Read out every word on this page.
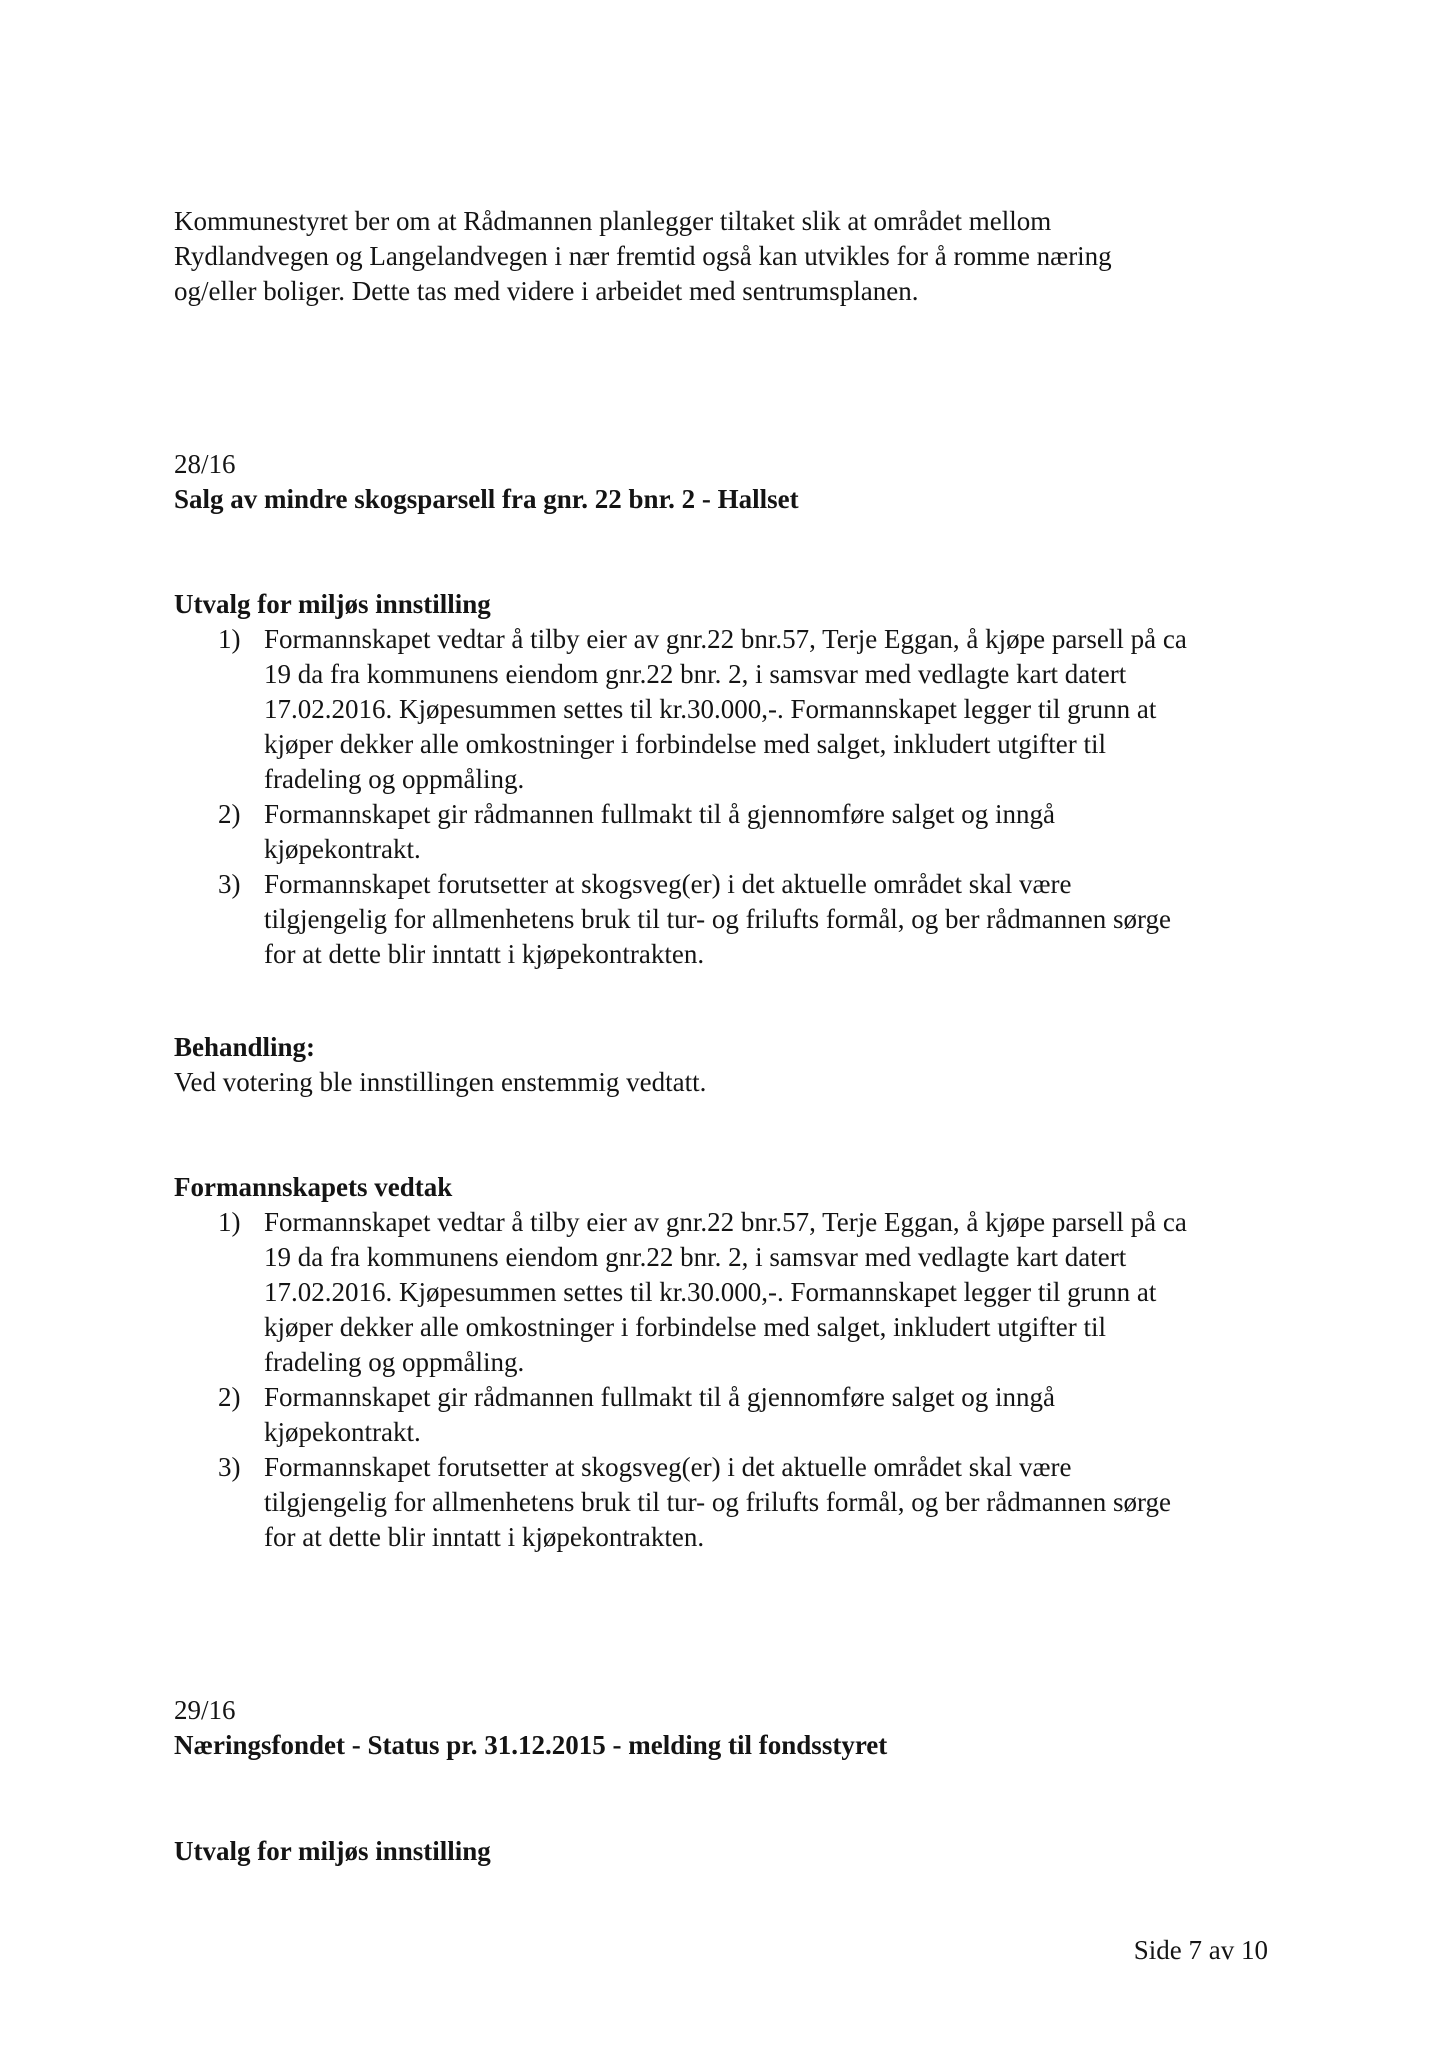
Kommunestyret ber om at Rådmannen planlegger tiltaket slik at området mellom
Rydlandvegen og Langelandvegen i nær fremtid også kan utvikles for å romme næring
og/eller boliger. Dette tas med videre i arbeidet med sentrumsplanen.
28/16
Salg av mindre skogsparsell fra gnr. 22 bnr. 2 - Hallset
Utvalg for miljøs innstilling
1) Formannskapet vedtar å tilby eier av gnr.22 bnr.57, Terje Eggan, å kjøpe parsell på ca
19 da fra kommunens eiendom gnr.22 bnr. 2, i samsvar med vedlagte kart datert
17.02.2016. Kjøpesummen settes til kr.30.000,-. Formannskapet legger til grunn at
kjøper dekker alle omkostninger i forbindelse med salget, inkludert utgifter til
fradeling og oppmåling.
2) Formannskapet gir rådmannen fullmakt til å gjennomføre salget og inngå
kjøpekontrakt.
3) Formannskapet forutsetter at skogsveg(er) i det aktuelle området skal være
tilgjengelig for allmenhetens bruk til tur- og frilufts formål, og ber rådmannen sørge
for at dette blir inntatt i kjøpekontrakten.
Behandling:
Ved votering ble innstillingen enstemmig vedtatt.
Formannskapets vedtak
1) Formannskapet vedtar å tilby eier av gnr.22 bnr.57, Terje Eggan, å kjøpe parsell på ca
19 da fra kommunens eiendom gnr.22 bnr. 2, i samsvar med vedlagte kart datert
17.02.2016. Kjøpesummen settes til kr.30.000,-. Formannskapet legger til grunn at
kjøper dekker alle omkostninger i forbindelse med salget, inkludert utgifter til
fradeling og oppmåling.
2) Formannskapet gir rådmannen fullmakt til å gjennomføre salget og inngå
kjøpekontrakt.
3) Formannskapet forutsetter at skogsveg(er) i det aktuelle området skal være
tilgjengelig for allmenhetens bruk til tur- og frilufts formål, og ber rådmannen sørge
for at dette blir inntatt i kjøpekontrakten.
29/16
Næringsfondet - Status pr. 31.12.2015 - melding til fondsstyret
Utvalg for miljøs innstilling
Side 7 av 10
